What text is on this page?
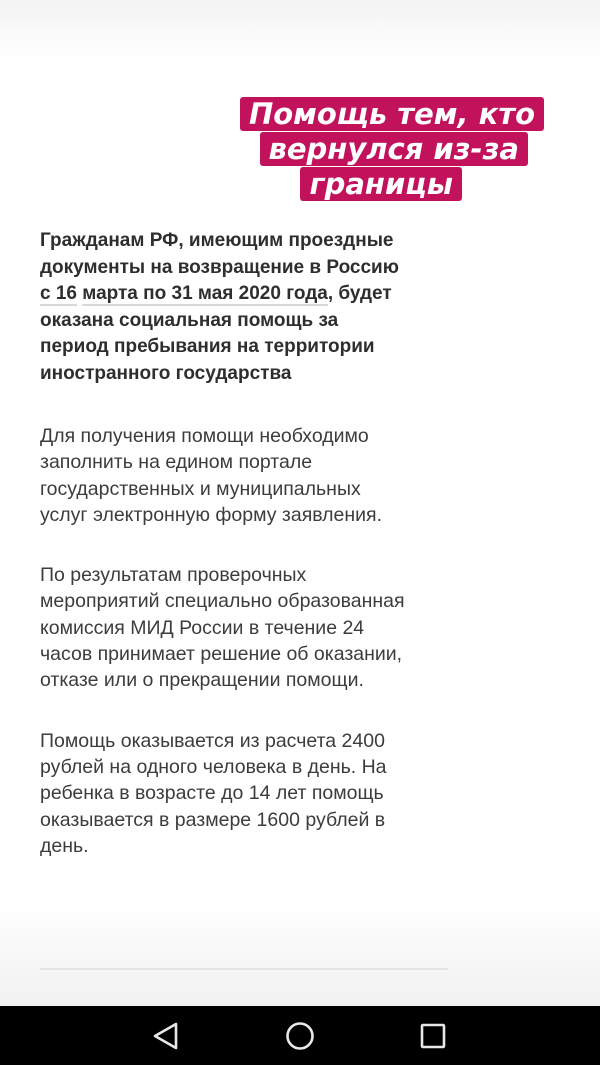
Помощь тем, кто
вернулся из-за
границы

Гражданам РФ, имеющим проездные документы на возвращение в Россию с 16 марта по 31 мая 2020 года, будет оказана социальная помощь за период пребывания на территории иностранного государства

Для получения помощи необходимо заполнить на едином портале государственных и муниципальных услуг электронную форму заявления.

По результатам проверочных мероприятий специально образованная комиссия МИД России в течение 24 часов принимает решение об оказании, отказе или о прекращении помощи.

Помощь оказывается из расчета 2400 рублей на одного человека в день. На ребенка в возрасте до 14 лет помощь оказывается в размере 1600 рублей в день.
